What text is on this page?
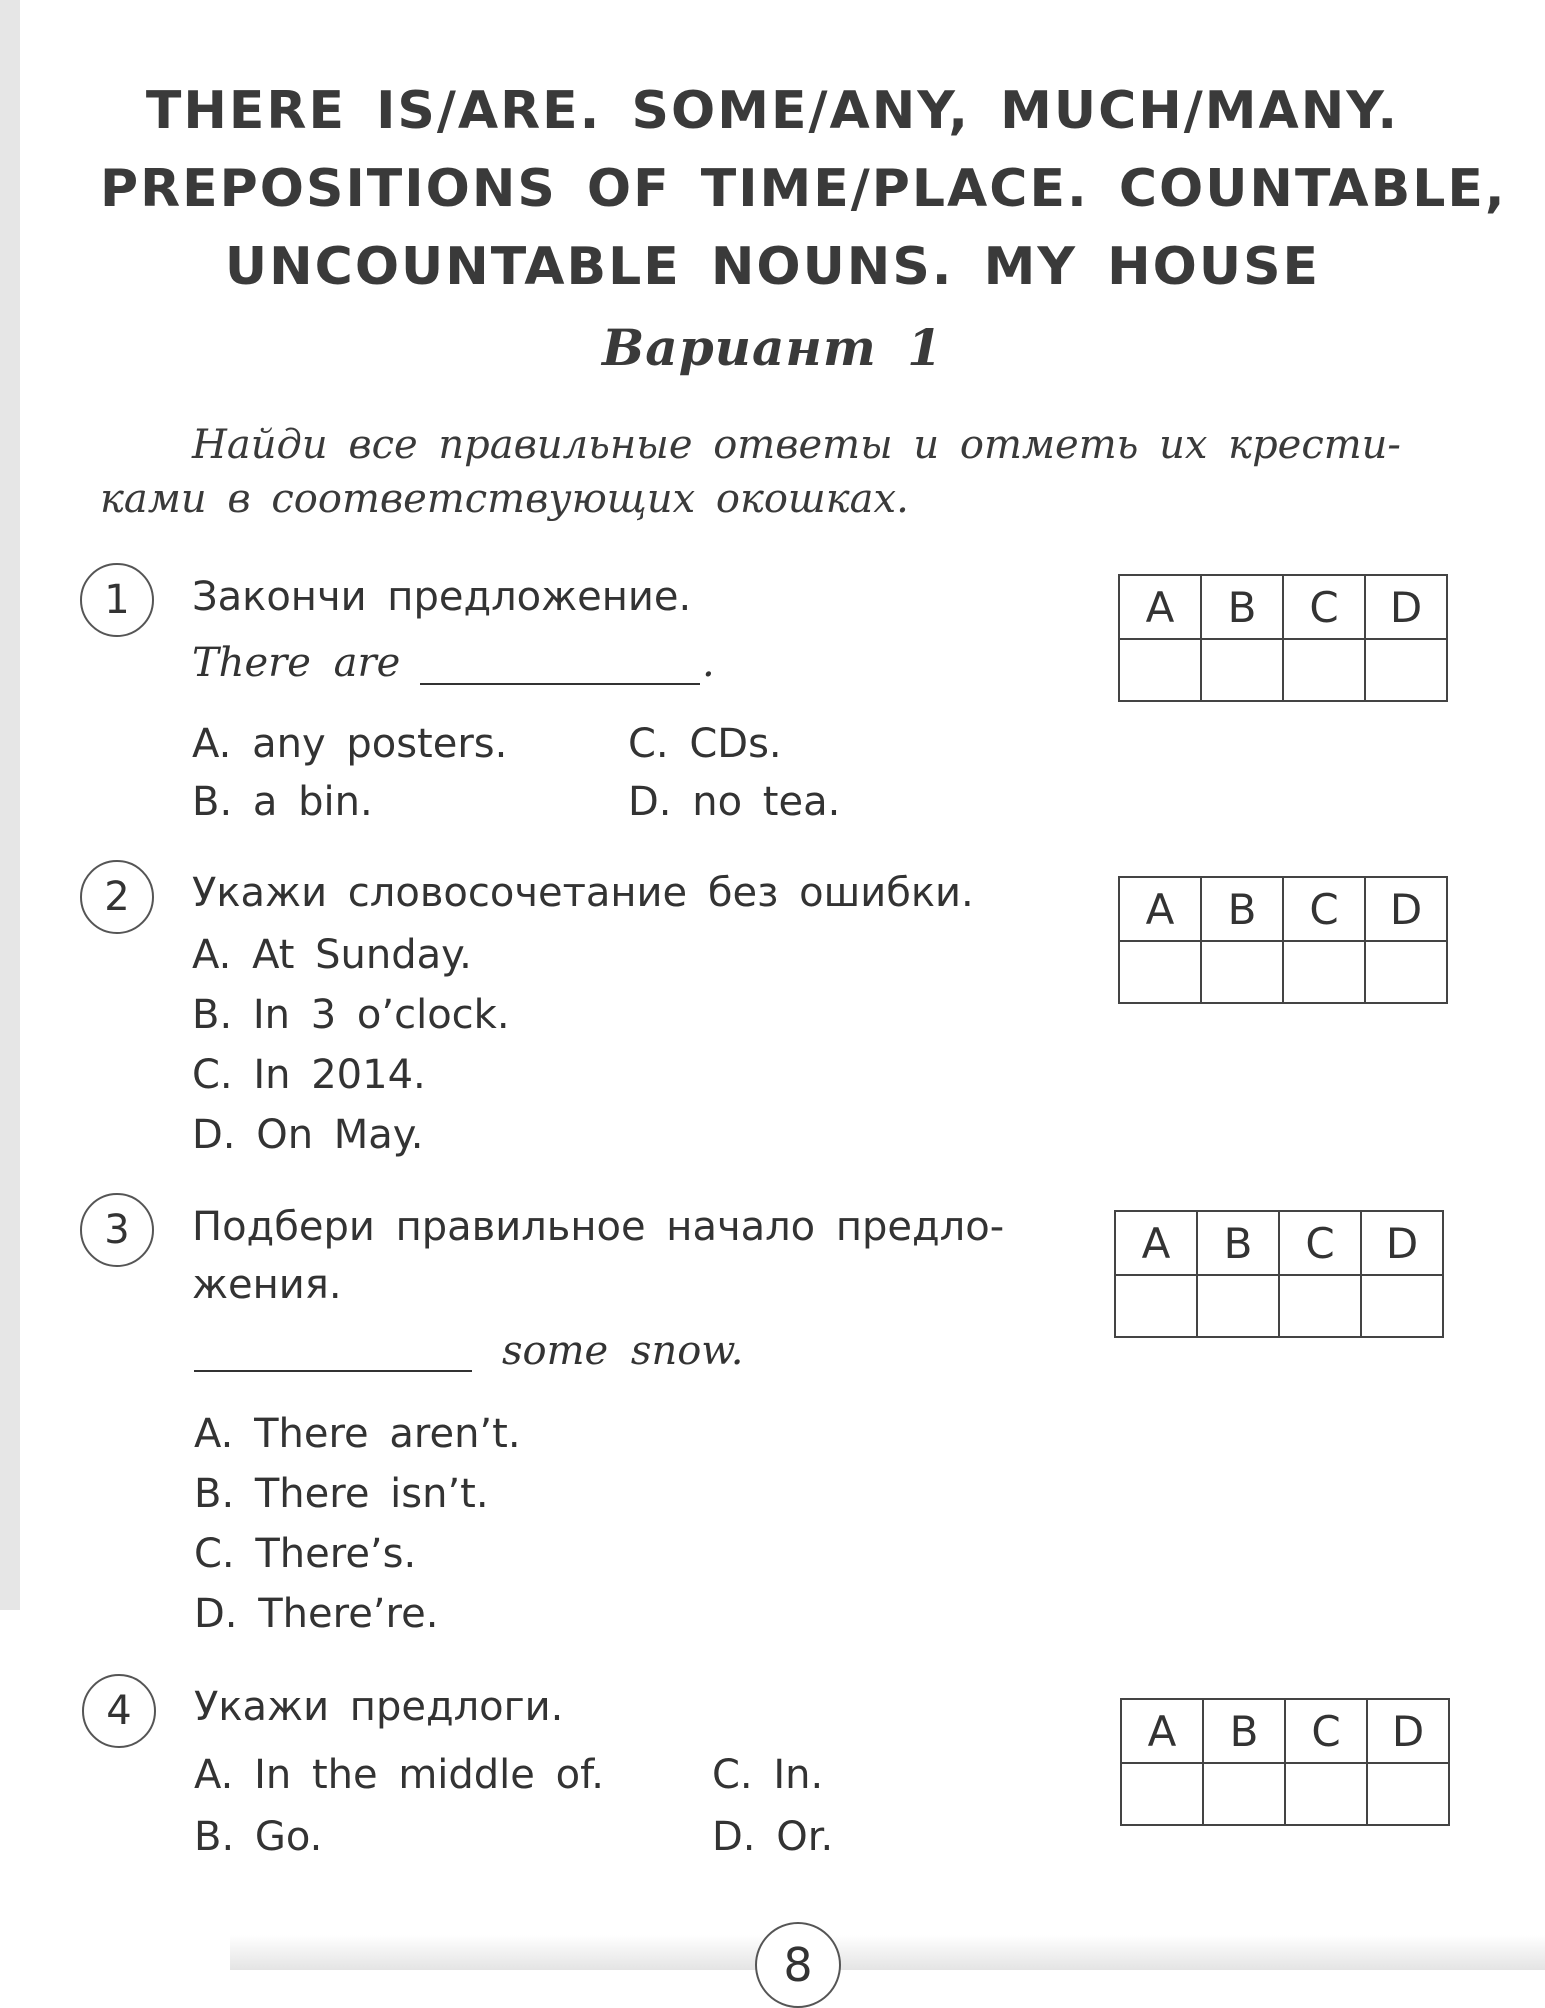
THERE IS/ARE. SOME/ANY, MUCH/MANY.
PREPOSITIONS OF TIME/PLACE. COUNTABLE,
UNCOUNTABLE NOUNS. MY HOUSE
Вариант 1
Найди все правильные ответы и отметь их крести-
ками в соответствующих окошках.
1	Закончи предложение.
There are	.
A. any posters.
B. a bin.
C. CDs.
D. no tea.
A	B	C	D

2	Укажи словосочетание без ошибки.
A. At Sunday.
B. In 3 o’clock.
C. In 2014.
D. On May.
A	B	C	D

3	Подбери правильное начало предло-
жения.
some snow.
A. There aren’t.
B. There isn’t.
C. There’s.
D. There’re.
A	B	C	D

4	Укажи предлоги.
A. In the middle of.
B. Go.
C. In.
D. Or.
A	B	C	D

8
